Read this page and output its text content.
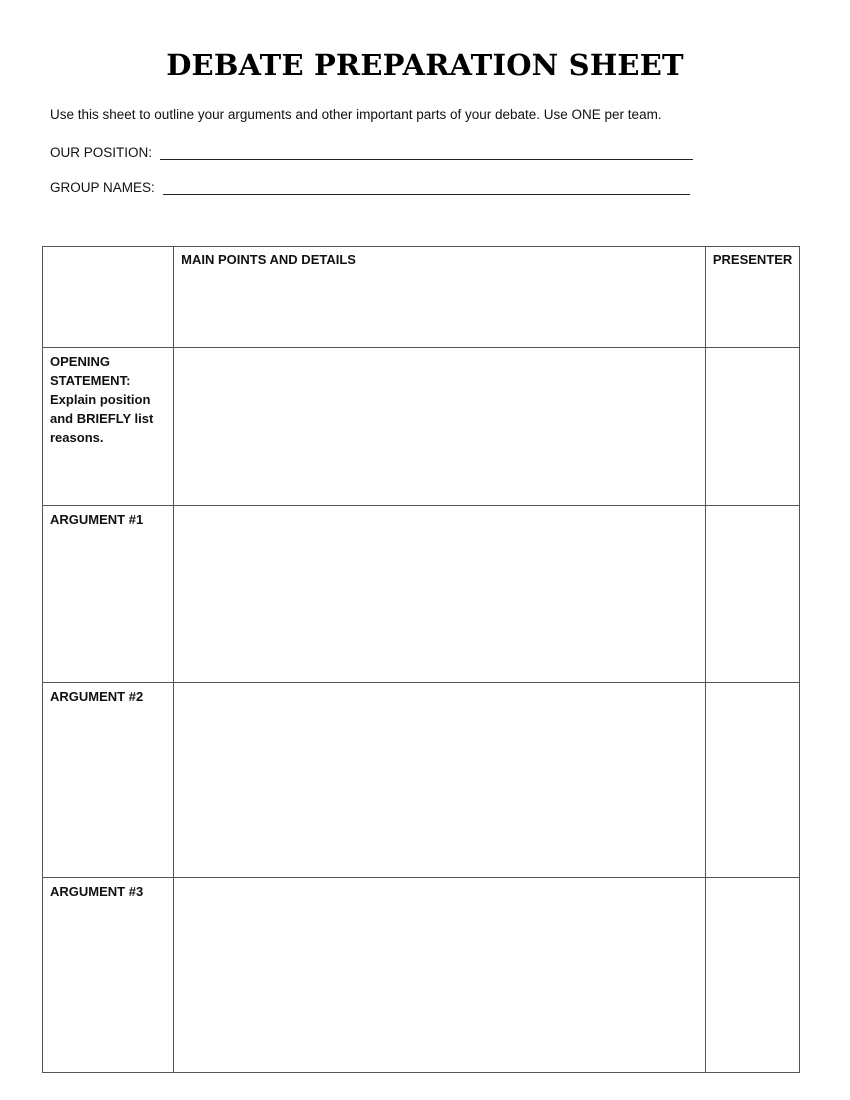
DEBATE PREPARATION SHEET
Use this sheet to outline your arguments and other important parts of your debate. Use ONE per team.
OUR POSITION:
GROUP NAMES:
	MAIN POINTS AND DETAILS	PRESENTER
OPENING STATEMENT:
Explain position and BRIEFLY list reasons.		

ARGUMENT #1		
ARGUMENT #2		
ARGUMENT #3		
